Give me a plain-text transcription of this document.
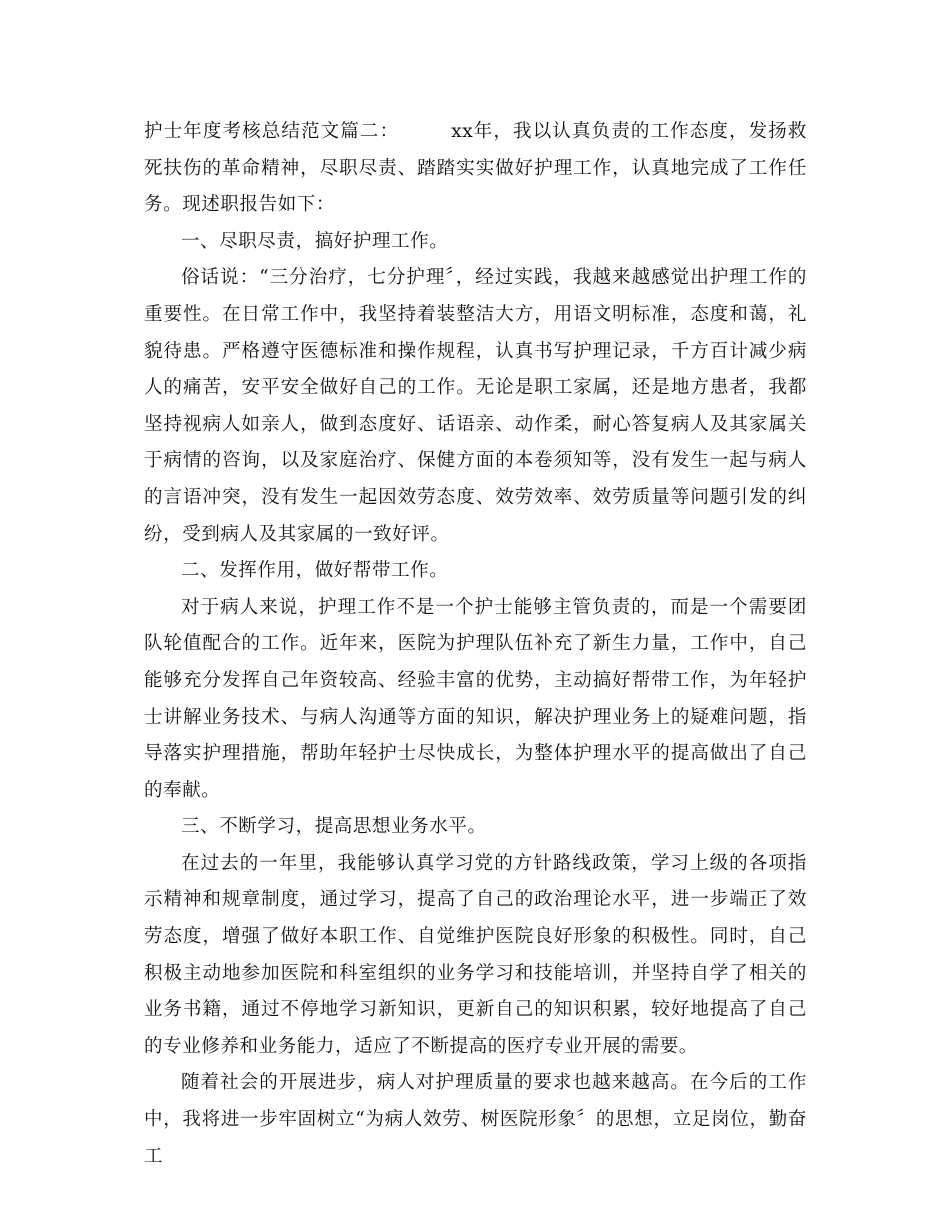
护士年度考核总结范文篇二：	xx年，我以认真负责的工作态度，发扬救死扶伤的革命精神，尽职尽责、踏踏实实做好护理工作，认真地完成了工作任务。现述职报告如下：

一、尽职尽责，搞好护理工作。

俗话说：“三分治疗，七分护理〞，经过实践，我越来越感觉出护理工作的重要性。在日常工作中，我坚持着装整洁大方，用语文明标准，态度和蔼，礼貌待患。严格遵守医德标准和操作规程，认真书写护理记录，千方百计减少病人的痛苦，安平安全做好自己的工作。无论是职工家属，还是地方患者，我都坚持视病人如亲人，做到态度好、话语亲、动作柔，耐心答复病人及其家属关于病情的咨询，以及家庭治疗、保健方面的本卷须知等，没有发生一起与病人的言语冲突，没有发生一起因效劳态度、效劳效率、效劳质量等问题引发的纠纷，受到病人及其家属的一致好评。

二、发挥作用，做好帮带工作。

对于病人来说，护理工作不是一个护士能够主管负责的，而是一个需要团队轮值配合的工作。近年来，医院为护理队伍补充了新生力量，工作中，自己能够充分发挥自己年资较高、经验丰富的优势，主动搞好帮带工作，为年轻护士讲解业务技术、与病人沟通等方面的知识，解决护理业务上的疑难问题，指导落实护理措施，帮助年轻护士尽快成长，为整体护理水平的提高做出了自己的奉献。

三、不断学习，提高思想业务水平。

在过去的一年里，我能够认真学习党的方针路线政策，学习上级的各项指示精神和规章制度，通过学习，提高了自己的政治理论水平，进一步端正了效劳态度，增强了做好本职工作、自觉维护医院良好形象的积极性。同时，自己积极主动地参加医院和科室组织的业务学习和技能培训，并坚持自学了相关的业务书籍，通过不停地学习新知识，更新自己的知识积累，较好地提高了自己的专业修养和业务能力，适应了不断提高的医疗专业开展的需要。

随着社会的开展进步，病人对护理质量的要求也越来越高。在今后的工作中，我将进一步牢固树立“为病人效劳、树医院形象〞的思想，立足岗位，勤奋工
